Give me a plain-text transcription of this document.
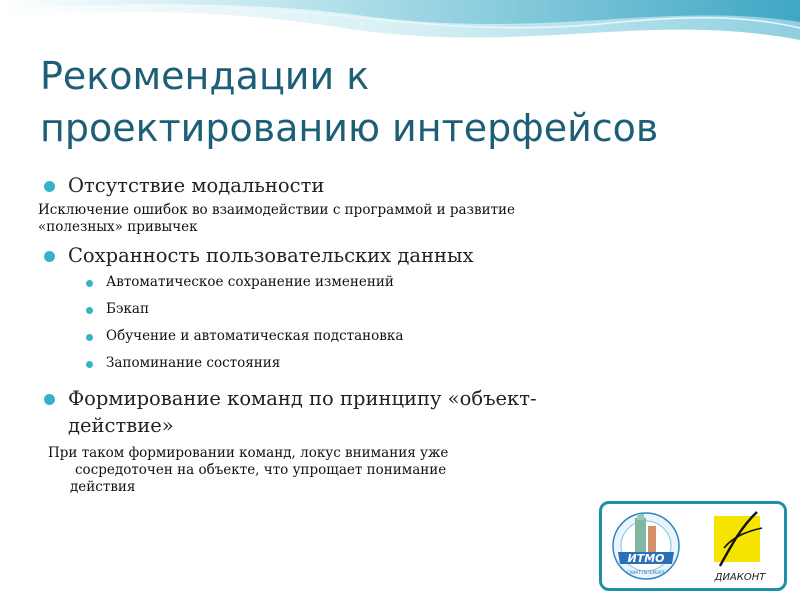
Рекомендации к
проектированию интерфейсов
Отсутствие модальности
Исключение ошибок во взаимодействии с программой и развитие
«полезных» привычек
Сохранность пользовательских данных
Автоматическое сохранение изменений
Бэкап
Обучение и автоматическая подстановка
Запоминание состояния
Формирование команд по принципу «объект-
действие»
При таком формировании команд, локус внимания уже
сосредоточен на объекте, что упрощает понимание
действия
ИТМО
САНКТ-ПЕТЕРБУРГ	ДИАКОНТ
